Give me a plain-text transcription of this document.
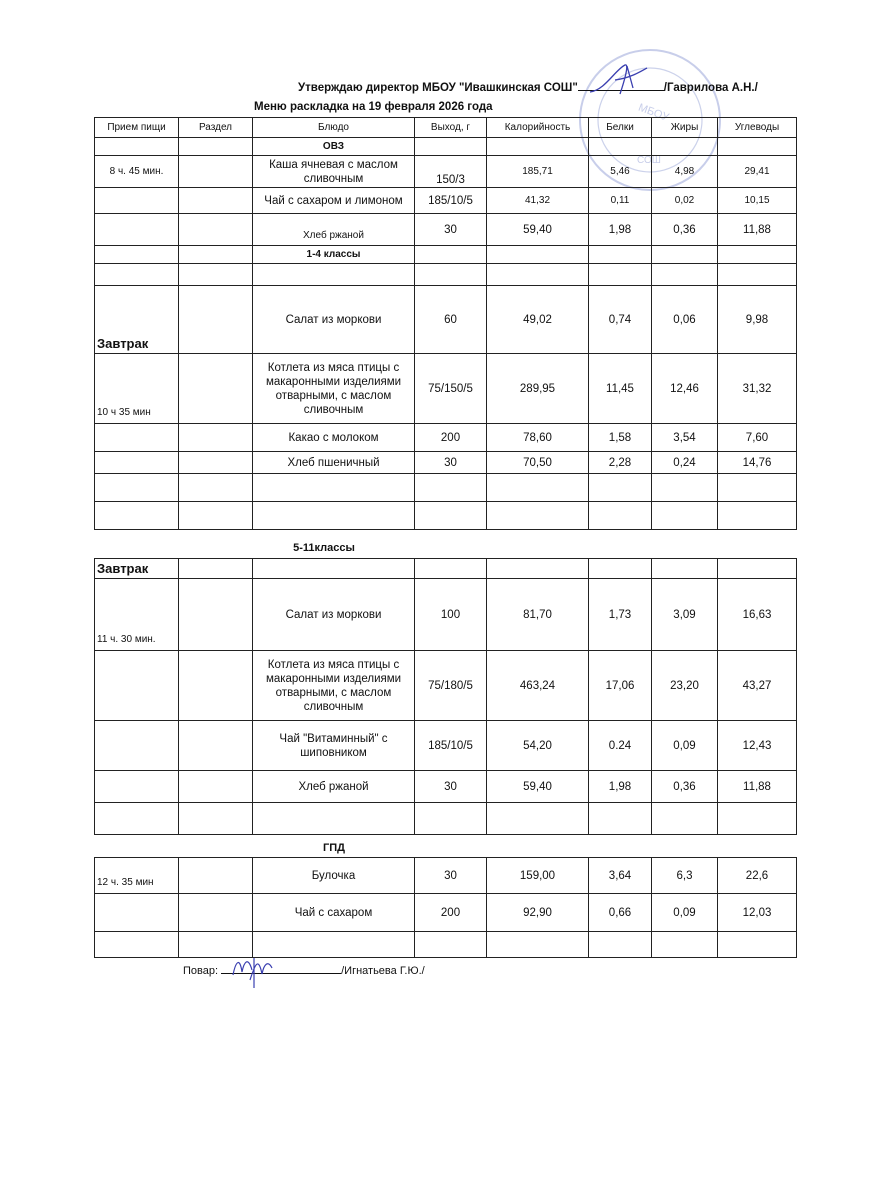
МБОУ
СОШ
Утверждаю директор МБОУ "Ивашкинская СОШ"	/Гаврилова А.Н./
Меню раскладка на 19 февраля 2026 года
Прием пищи	Раздел	Блюдо	Выход, г	Калорийность	Белки	Жиры	Углеводы
		ОВЗ					
8 ч. 45 мин.		Каша ячневая с маслом сливочным	150/3	185,71	5,46	4,98	29,41
		Чай с сахаром и лимоном	185/10/5	41,32	0,11	0,02	10,15
		Хлеб ржаной	30	59,40	1,98	0,36	11,88
		1-4 классы					

Завтрак		Салат из моркови	60	49,02	0,74	0,06	9,98
10 ч 35 мин		Котлета из мяса птицы с макаронными изделиями отварными, с маслом сливочным	75/150/5	289,95	11,45	12,46	31,32
		Какао с молоком	200	78,60	1,58	3,54	7,60
		Хлеб пшеничный	30	70,50	2,28	0,24	14,76

5-11классы
Завтрак							
11 ч. 30 мин.		Салат из моркови	100	81,70	1,73	3,09	16,63
		Котлета из мяса птицы с макаронными изделиями отварными, с маслом сливочным	75/180/5	463,24	17,06	23,20	43,27
		Чай "Витаминный" с шиповником	185/10/5	54,20	0.24	0,09	12,43
		Хлеб ржаной	30	59,40	1,98	0,36	11,88

ГПД
12 ч. 35 мин		Булочка	30	159,00	3,64	6,3	22,6
		Чай с сахаром	200	92,90	0,66	0,09	12,03

Повар:	/Игнатьева Г.Ю./
